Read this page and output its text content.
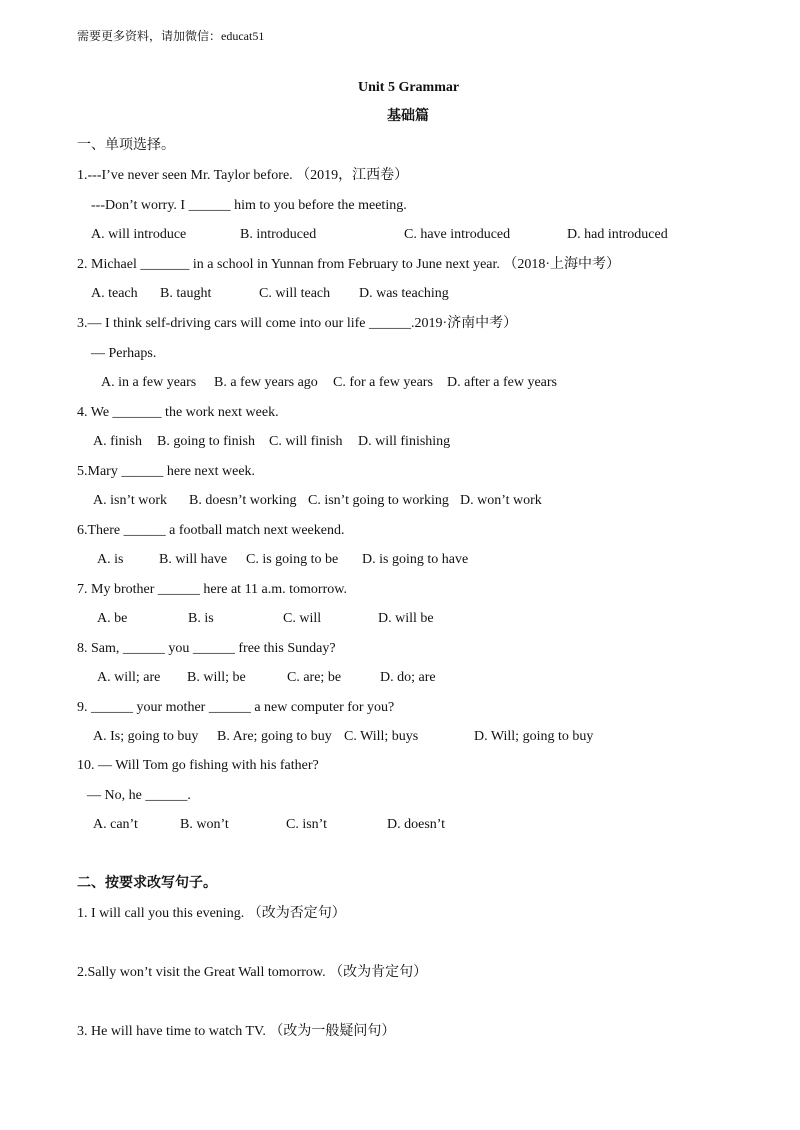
需要更多资料，请加微信：educat51
Unit 5 Grammar
基础篇
一、单项选择。
1.---I’ve never seen Mr. Taylor before. （2019，江西卷）
---Don’t worry. I ______ him to you before the meeting.
A. will introduce	B. introduced	C. have introduced	D. had introduced
2. Michael _______ in a school in Yunnan from February to June next year. （2018·上海中考）
A. teach B. taught	C. will teach D. was teaching
3.— I think self-driving cars will come into our life ______.2019·济南中考）
— Perhaps.
A. in a few years B. a few years ago C. for a few years D. after a few years
4. We _______ the work next week.
A. finish B. going to finish C. will finish D. will finishing
5.Mary ______ here next week.
A. isn’t work B. doesn’t working C. isn’t going to working D. won’t work
6.There ______ a football match next weekend.
A. is	B. will have C. is going to be D. is going to have
7. My brother ______ here at 11 a.m. tomorrow.
A. be	B. is	C. will	D. will be
8. Sam, ______ you ______ free this Sunday?
A. will; are B. will; be	C. are; be	D. do; are
9. ______ your mother ______ a new computer for you?
A. Is; going to buy B. Are; going to buy C. Will; buys	D. Will; going to buy
10. — Will Tom go fishing with his father?
— No, he ______.
A. can’t	B. won’t	C. isn’t	D. doesn’t
二、按要求改写句子。
1. I will call you this evening. （改为否定句）
2.Sally won’t visit the Great Wall tomorrow. （改为肯定句）
3. He will have time to watch TV. （改为一般疑问句）
